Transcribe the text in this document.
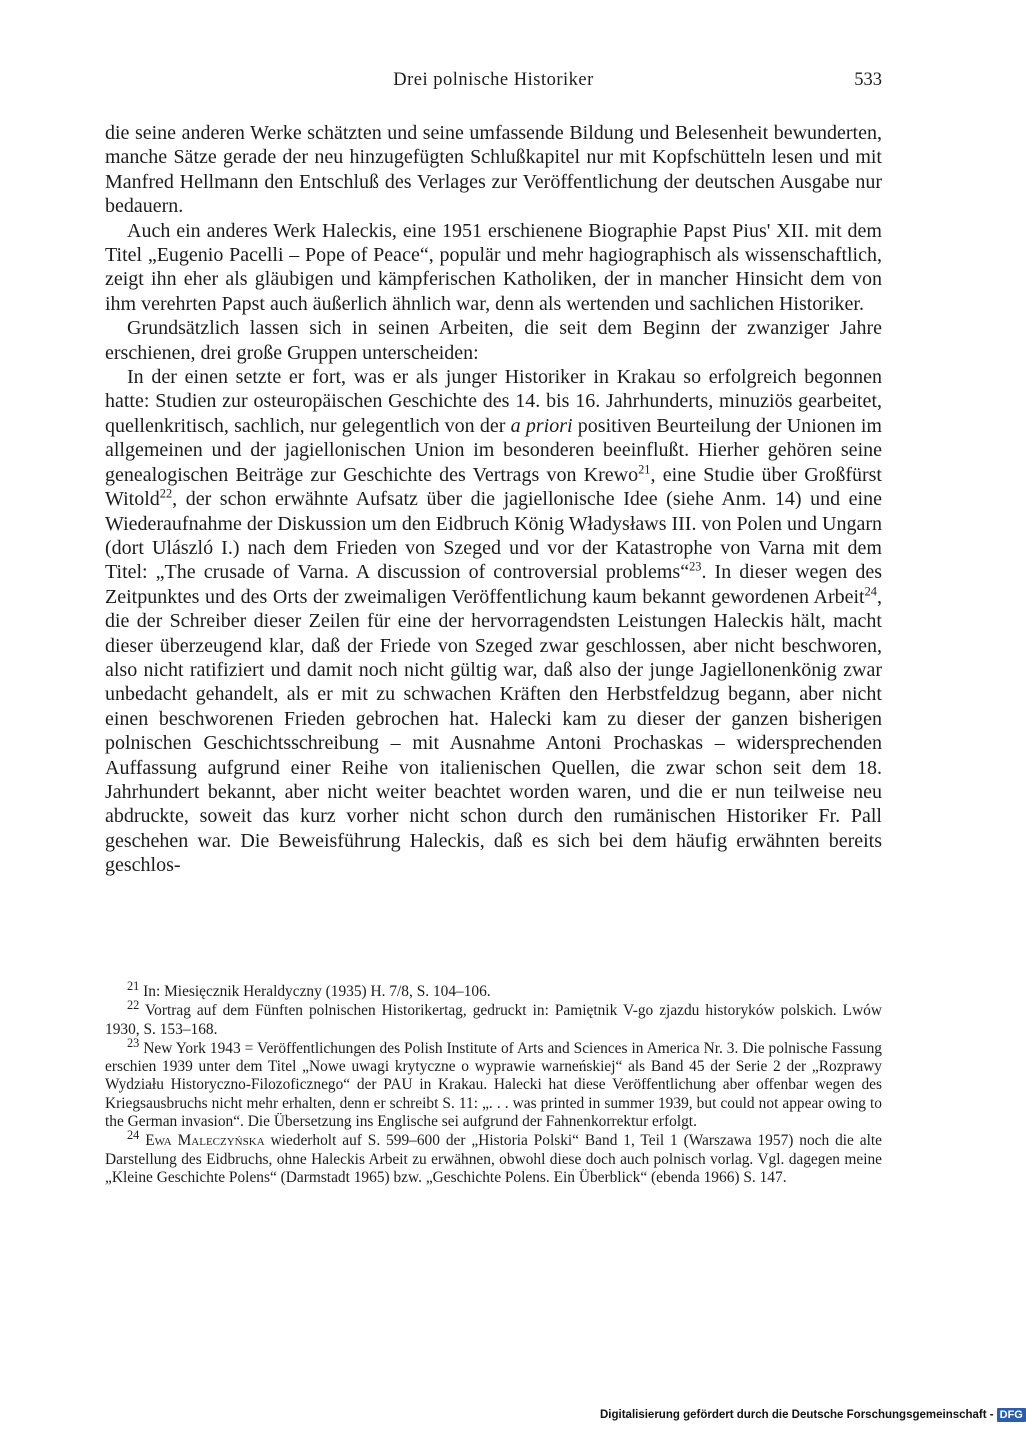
Drei polnische Historiker	533

die seine anderen Werke schätzten und seine umfassende Bildung und Belesenheit bewunderten, manche Sätze gerade der neu hinzugefügten Schlußkapitel nur mit Kopfschütteln lesen und mit Manfred Hellmann den Entschluß des Verlages zur Veröffentlichung der deutschen Ausgabe nur bedauern.

Auch ein anderes Werk Haleckis, eine 1951 erschienene Biographie Papst Pius' XII. mit dem Titel „Eugenio Pacelli – Pope of Peace“, populär und mehr hagiographisch als wissenschaftlich, zeigt ihn eher als gläubigen und kämpferischen Katholiken, der in mancher Hinsicht dem von ihm verehrten Papst auch äußerlich ähnlich war, denn als wertenden und sachlichen Historiker.

Grundsätzlich lassen sich in seinen Arbeiten, die seit dem Beginn der zwanziger Jahre erschienen, drei große Gruppen unterscheiden:

In der einen setzte er fort, was er als junger Historiker in Krakau so erfolgreich begonnen hatte: Studien zur osteuropäischen Geschichte des 14. bis 16. Jahrhunderts, minuziös gearbeitet, quellenkritisch, sachlich, nur gelegentlich von der a priori positiven Beurteilung der Unionen im allgemeinen und der jagiellonischen Union im besonderen beeinflußt. Hierher gehören seine genealogischen Beiträge zur Geschichte des Vertrags von Krewo$^{21}$, eine Studie über Großfürst Witold$^{22}$, der schon erwähnte Aufsatz über die jagiellonische Idee (siehe Anm. 14) und eine Wiederaufnahme der Diskussion um den Eidbruch König Władysławs III. von Polen und Ungarn (dort Ulászló I.) nach dem Frieden von Szeged und vor der Katastrophe von Varna mit dem Titel: „The crusade of Varna. A discussion of controversial problems“$^{23}$. In dieser wegen des Zeitpunktes und des Orts der zweimaligen Veröffentlichung kaum bekannt gewordenen Arbeit$^{24}$, die der Schreiber dieser Zeilen für eine der hervorragendsten Leistungen Haleckis hält, macht dieser überzeugend klar, daß der Friede von Szeged zwar geschlossen, aber nicht beschworen, also nicht ratifiziert und damit noch nicht gültig war, daß also der junge Jagiellonenkönig zwar unbedacht gehandelt, als er mit zu schwachen Kräften den Herbstfeldzug begann, aber nicht einen beschworenen Frieden gebrochen hat. Halecki kam zu dieser der ganzen bisherigen polnischen Geschichtsschreibung – mit Ausnahme Antoni Prochaskas – widersprechenden Auffassung aufgrund einer Reihe von italienischen Quellen, die zwar schon seit dem 18. Jahrhundert bekannt, aber nicht weiter beachtet worden waren, und die er nun teilweise neu abdruckte, soweit das kurz vorher nicht schon durch den rumänischen Historiker Fr. Pall geschehen war. Die Beweisführung Haleckis, daß es sich bei dem häufig erwähnten bereits geschlos-

$^{21}$ In: Miesięcznik Heraldyczny (1935) H. 7/8, S. 104–106.

$^{22}$ Vortrag auf dem Fünften polnischen Historikertag, gedruckt in: Pamiętnik V-go zjazdu historyków polskich. Lwów 1930, S. 153–168.

$^{23}$ New York 1943 = Veröffentlichungen des Polish Institute of Arts and Sciences in America Nr. 3. Die polnische Fassung erschien 1939 unter dem Titel „Nowe uwagi krytyczne o wyprawie warneńskiej“ als Band 45 der Serie 2 der „Rozprawy Wydziału Historyczno-Filozoficznego“ der PAU in Krakau. Halecki hat diese Veröffentlichung aber offenbar wegen des Kriegsausbruchs nicht mehr erhalten, denn er schreibt S. 11: „. . . was printed in summer 1939, but could not appear owing to the German invasion“. Die Übersetzung ins Englische sei aufgrund der Fahnenkorrektur erfolgt.

$^{24}$ Ewa Maleczyńska wiederholt auf S. 599–600 der „Historia Polski“ Band 1, Teil 1 (Warszawa 1957) noch die alte Darstellung des Eidbruchs, ohne Haleckis Arbeit zu erwähnen, obwohl diese doch auch polnisch vorlag. Vgl. dagegen meine „Kleine Geschichte Polens“ (Darmstadt 1965) bzw. „Geschichte Polens. Ein Überblick“ (ebenda 1966) S. 147.

Digitalisierung gefördert durch die Deutsche Forschungsgemeinschaft - DFG
